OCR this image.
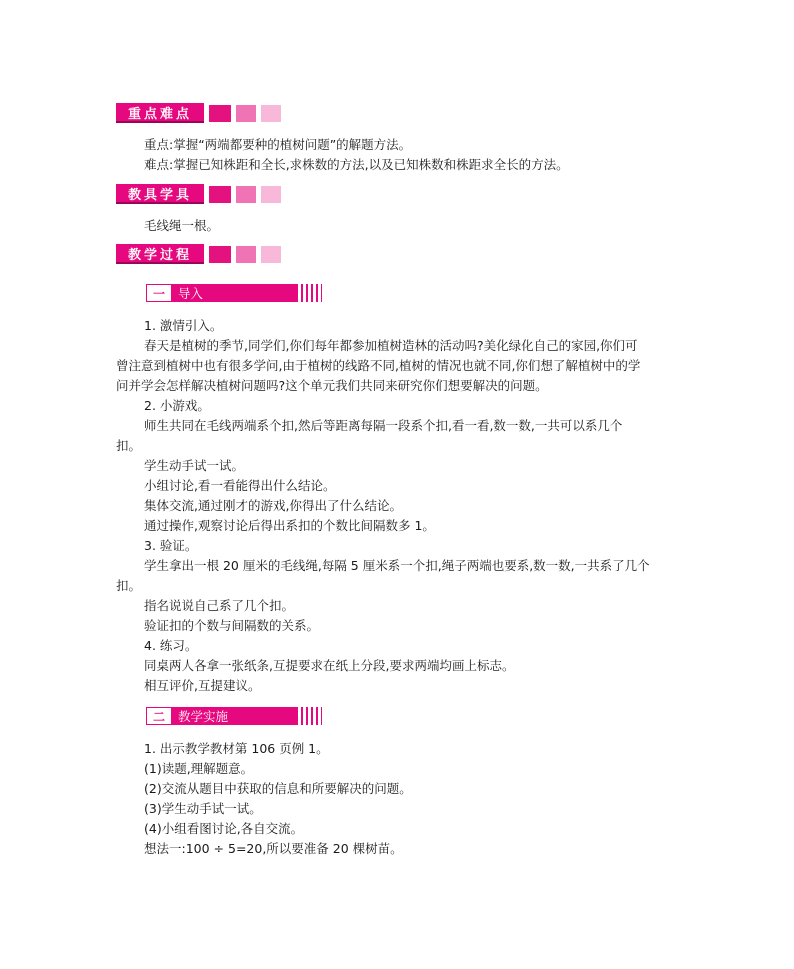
重点难点
重点:掌握“两端都要种的植树问题”的解题方法。
难点:掌握已知株距和全长,求株数的方法,以及已知株数和株距求全长的方法。
教具学具
毛线绳一根。
教学过程
一	导入
1. 激情引入。
春天是植树的季节,同学们,你们每年都参加植树造林的活动吗?美化绿化自己的家园,你们可
曾注意到植树中也有很多学问,由于植树的线路不同,植树的情况也就不同,你们想了解植树中的学
问并学会怎样解决植树问题吗?这个单元我们共同来研究你们想要解决的问题。
2. 小游戏。
师生共同在毛线两端系个扣,然后等距离每隔一段系个扣,看一看,数一数,一共可以系几个
扣。
学生动手试一试。
小组讨论,看一看能得出什么结论。
集体交流,通过刚才的游戏,你得出了什么结论。
通过操作,观察讨论后得出系扣的个数比间隔数多 1。
3. 验证。
学生拿出一根 20 厘米的毛线绳,每隔 5 厘米系一个扣,绳子两端也要系,数一数,一共系了几个
扣。
指名说说自己系了几个扣。
验证扣的个数与间隔数的关系。
4. 练习。
同桌两人各拿一张纸条,互提要求在纸上分段,要求两端均画上标志。
相互评价,互提建议。
二	教学实施
1. 出示教学教材第 106 页例 1。
(1)读题,理解题意。
(2)交流从题目中获取的信息和所要解决的问题。
(3)学生动手试一试。
(4)小组看图讨论,各自交流。
想法一:100 ÷ 5=20,所以要准备 20 棵树苗。
